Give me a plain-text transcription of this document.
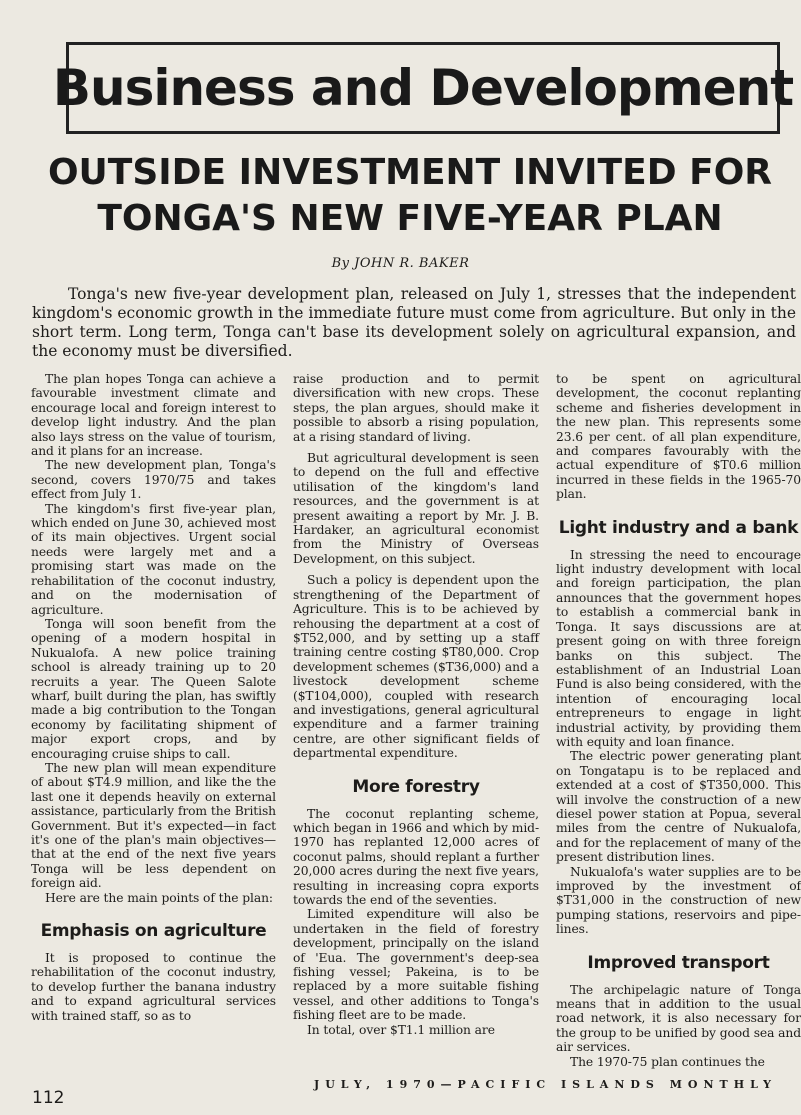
Business and Development
OUTSIDE INVESTMENT INVITED FOR
TONGA'S NEW FIVE-YEAR PLAN
By JOHN R. BAKER

Tonga's new five-year development plan, released on July 1, stresses that the independent kingdom's economic growth in the immediate future must come from agriculture. But only in the short term. Long term, Tonga can't base its development solely on agricultural expansion, and the economy must be diversified.

The plan hopes Tonga can achieve a favourable investment climate and encourage local and foreign interest to develop light industry. And the plan also lays stress on the value of tourism, and it plans for an increase.

The new development plan, Tonga's second, covers 1970/75 and takes effect from July 1.

The kingdom's first five-year plan, which ended on June 30, achieved most of its main objectives. Urgent social needs were largely met and a promising start was made on the rehabilitation of the coconut industry, and on the modernisation of agriculture.

Tonga will soon benefit from the opening of a modern hospital in Nukualofa. A new police training school is already training up to 20 recruits a year. The Queen Salote wharf, built during the plan, has swiftly made a big contribution to the Tongan economy by facilitating shipment of major export crops, and by encouraging cruise ships to call.

The new plan will mean expenditure of about $T4.9 million, and like the the last one it depends heavily on external assistance, particularly from the British Government. But it's expected—in fact it's one of the plan's main objectives—that at the end of the next five years Tonga will be less dependent on foreign aid.

Here are the main points of the plan:

Emphasis on agriculture

It is proposed to continue the rehabilitation of the coconut industry, to develop further the banana industry and to expand agricultural services with trained staff, so as to

raise production and to permit diversification with new crops. These steps, the plan argues, should make it possible to absorb a rising population, at a rising standard of living.

But agricultural development is seen to depend on the full and effective utilisation of the kingdom's land resources, and the government is at present awaiting a report by Mr. J. B. Hardaker, an agricultural economist from the Ministry of Overseas Development, on this subject.

Such a policy is dependent upon the strengthening of the Department of Agriculture. This is to be achieved by rehousing the department at a cost of $T52,000, and by setting up a staff training centre costing $T80,000. Crop development schemes ($T36,000) and a livestock development scheme ($T104,000), coupled with research and investigations, general agricultural expenditure and a farmer training centre, are other significant fields of departmental expenditure.

More forestry

The coconut replanting scheme, which began in 1966 and which by mid-1970 has replanted 12,000 acres of coconut palms, should replant a further 20,000 acres during the next five years, resulting in increasing copra exports towards the end of the seventies.

Limited expenditure will also be undertaken in the field of forestry development, principally on the island of 'Eua. The government's deep-sea fishing vessel; Pakeina, is to be replaced by a more suitable fishing vessel, and other additions to Tonga's fishing fleet are to be made.

In total, over $T1.1 million are

to be spent on agricultural development, the coconut replanting scheme and fisheries development in the new plan. This represents some 23.6 per cent. of all plan expenditure, and compares favourably with the actual expenditure of $T0.6 million incurred in these fields in the 1965-70 plan.

Light industry and a bank

In stressing the need to encourage light industry development with local and foreign participation, the plan announces that the government hopes to establish a commercial bank in Tonga. It says discussions are at present going on with three foreign banks on this subject. The establishment of an Industrial Loan Fund is also being considered, with the intention of encouraging local entrepreneurs to engage in light industrial activity, by providing them with equity and loan finance.

The electric power generating plant on Tongatapu is to be replaced and extended at a cost of $T350,000. This will involve the construction of a new diesel power station at Popua, several miles from the centre of Nukualofa, and for the replacement of many of the present distribution lines.

Nukualofa's water supplies are to be improved by the investment of $T31,000 in the construction of new pumping stations, reservoirs and pipe-lines.

Improved transport

The archipelagic nature of Tonga means that in addition to the usual road network, it is also necessary for the group to be unified by good sea and air services.

The 1970-75 plan continues the

112
JULY, 1970—PACIFIC ISLANDS MONTHLY
